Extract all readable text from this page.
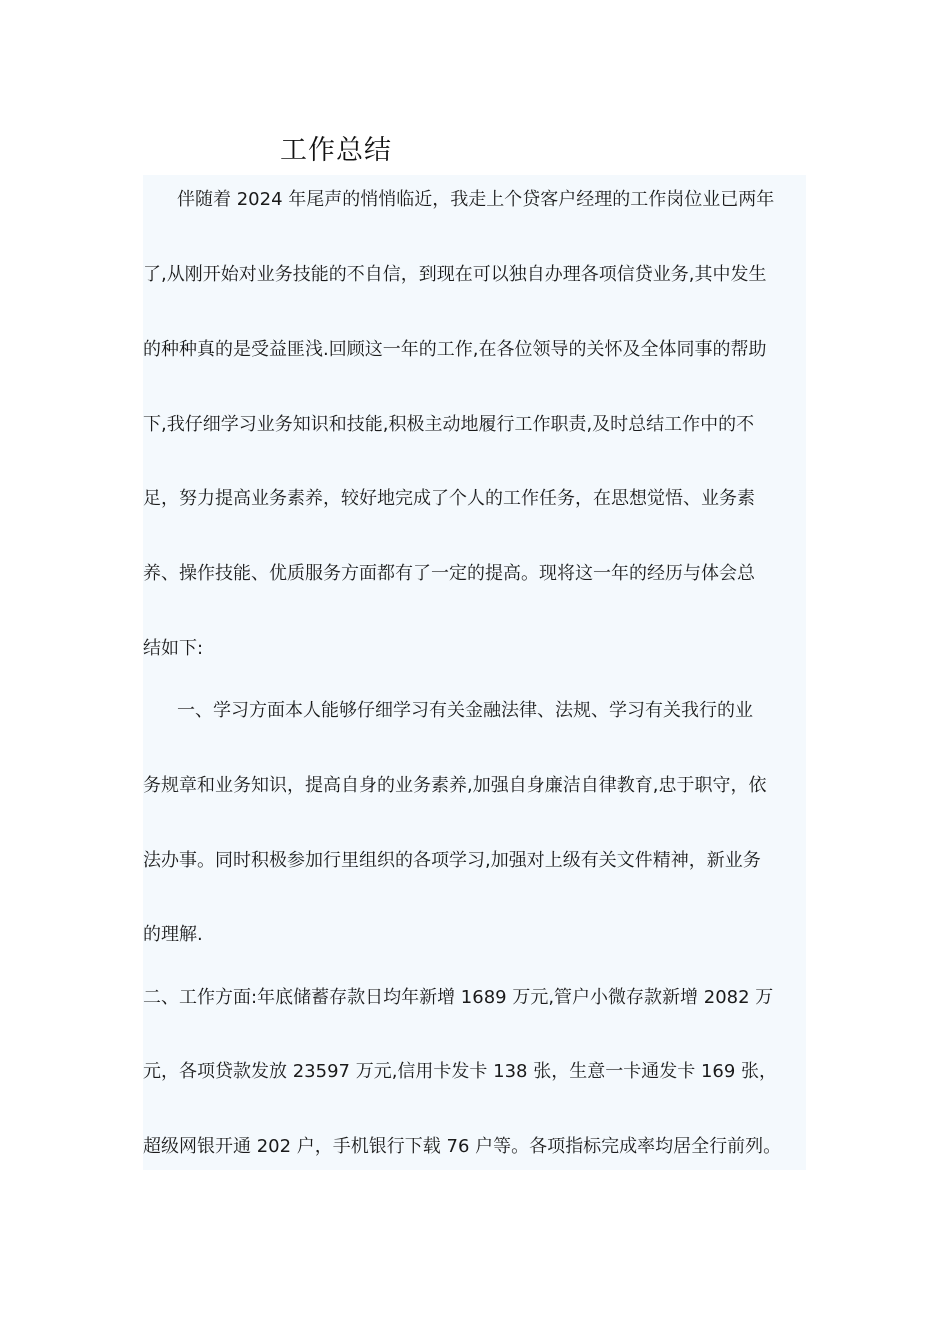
工作总结
伴随着 2024 年尾声的悄悄临近，我走上个贷客户经理的工作岗位业已两年
了,从刚开始对业务技能的不自信，到现在可以独自办理各项信贷业务,其中发生
的种种真的是受益匪浅.回顾这一年的工作,在各位领导的关怀及全体同事的帮助
下,我仔细学习业务知识和技能,积极主动地履行工作职责,及时总结工作中的不
足，努力提高业务素养，较好地完成了个人的工作任务，在思想觉悟、业务素
养、操作技能、优质服务方面都有了一定的提高。现将这一年的经历与体会总
结如下:
一、学习方面本人能够仔细学习有关金融法律、法规、学习有关我行的业
务规章和业务知识，提高自身的业务素养,加强自身廉洁自律教育,忠于职守，依
法办事。同时积极参加行里组织的各项学习,加强对上级有关文件精神，新业务
的理解.
二、工作方面:年底储蓄存款日均年新增 1689 万元,管户小微存款新增 2082 万
元，各项贷款发放 23597 万元,信用卡发卡 138 张，生意一卡通发卡 169 张，
超级网银开通 202 户，手机银行下载 76 户等。各项指标完成率均居全行前列。
